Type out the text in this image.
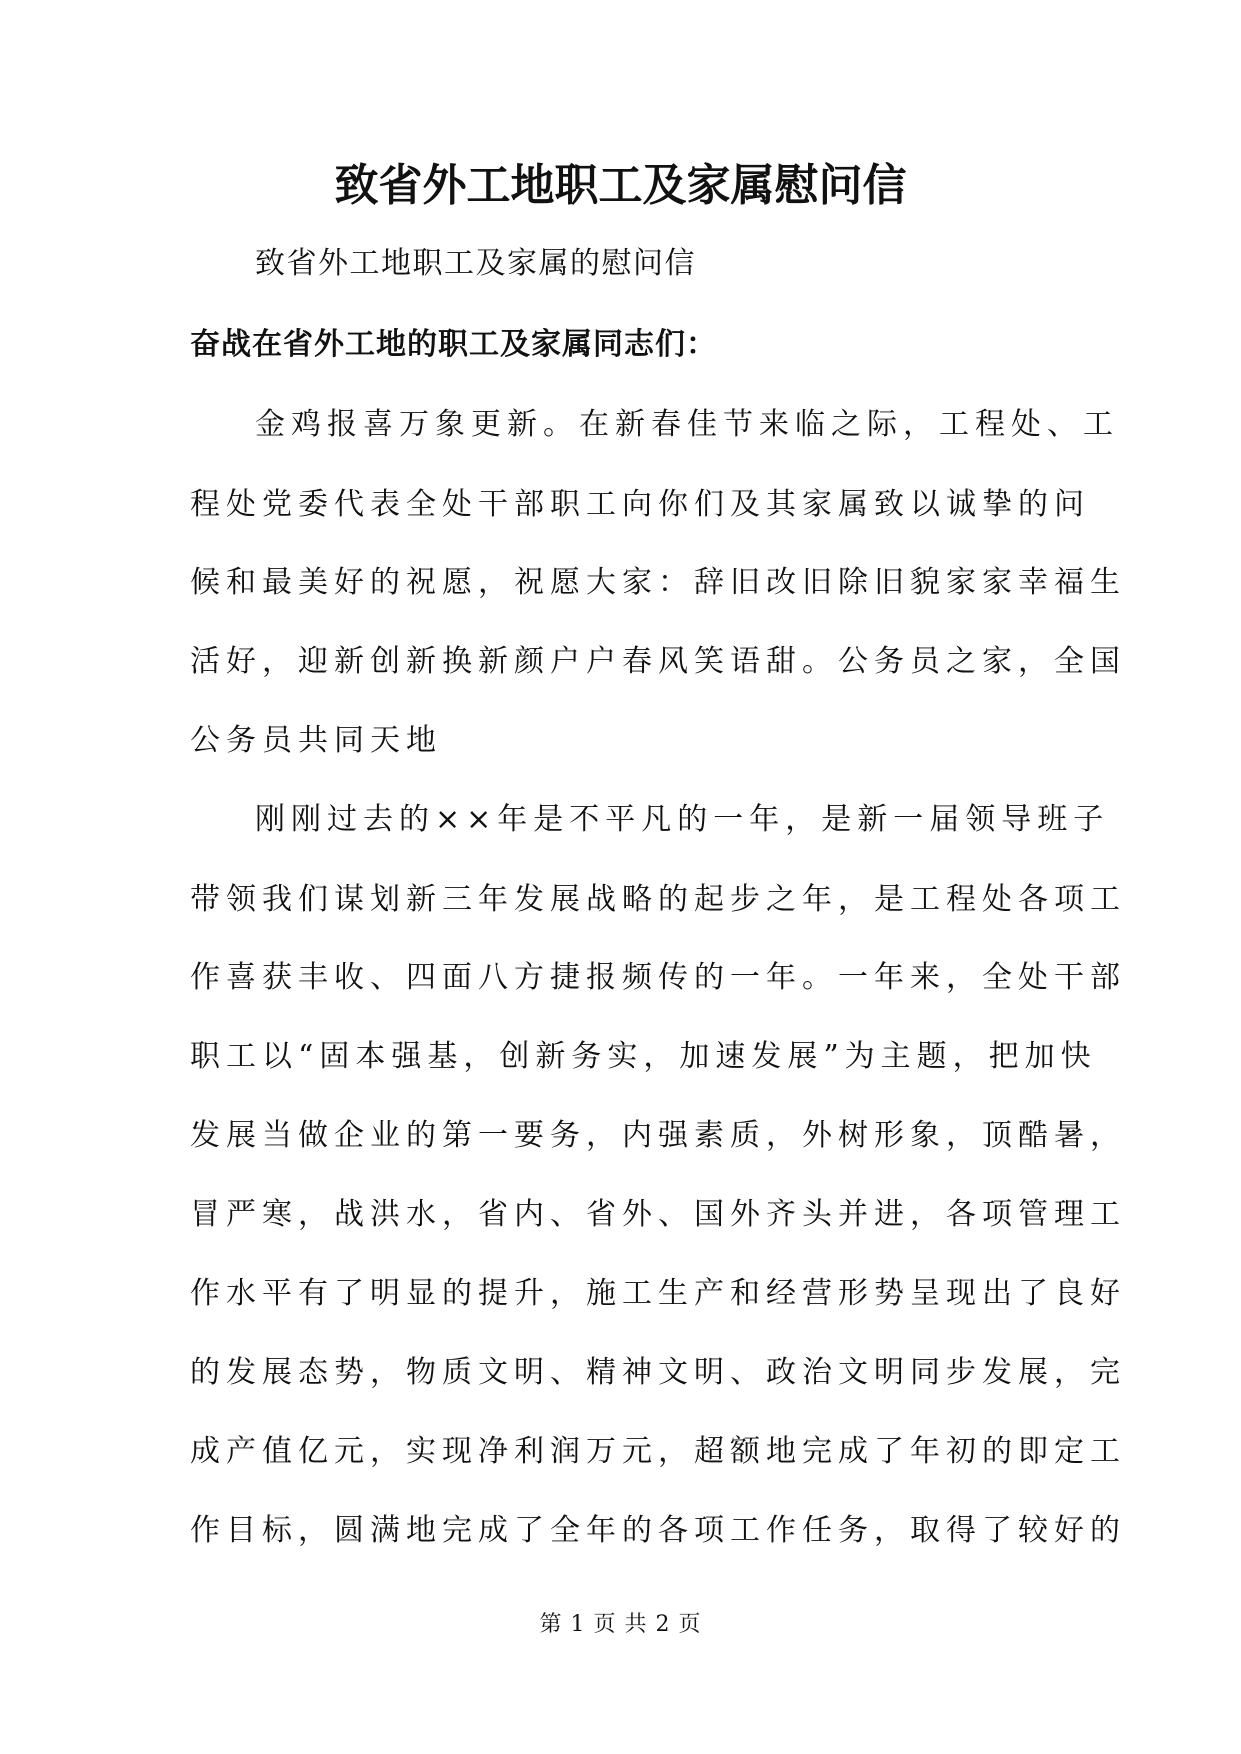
致省外工地职工及家属慰问信
致省外工地职工及家属的慰问信
奋战在省外工地的职工及家属同志们：
金鸡报喜万象更新。在新春佳节来临之际，工程处、工
程处党委代表全处干部职工向你们及其家属致以诚挚的问
候和最美好的祝愿，祝愿大家：辞旧改旧除旧貌家家幸福生
活好，迎新创新换新颜户户春风笑语甜。公务员之家，全国
公务员共同天地
刚刚过去的××年是不平凡的一年，是新一届领导班子
带领我们谋划新三年发展战略的起步之年，是工程处各项工
作喜获丰收、四面八方捷报频传的一年。一年来，全处干部
职工以“固本强基，创新务实，加速发展”为主题，把加快
发展当做企业的第一要务，内强素质，外树形象，顶酷暑，
冒严寒，战洪水，省内、省外、国外齐头并进，各项管理工
作水平有了明显的提升，施工生产和经营形势呈现出了良好
的发展态势，物质文明、精神文明、政治文明同步发展，完
成产值亿元，实现净利润万元，超额地完成了年初的即定工
作目标，圆满地完成了全年的各项工作任务，取得了较好的
第 1 页 共 2 页
